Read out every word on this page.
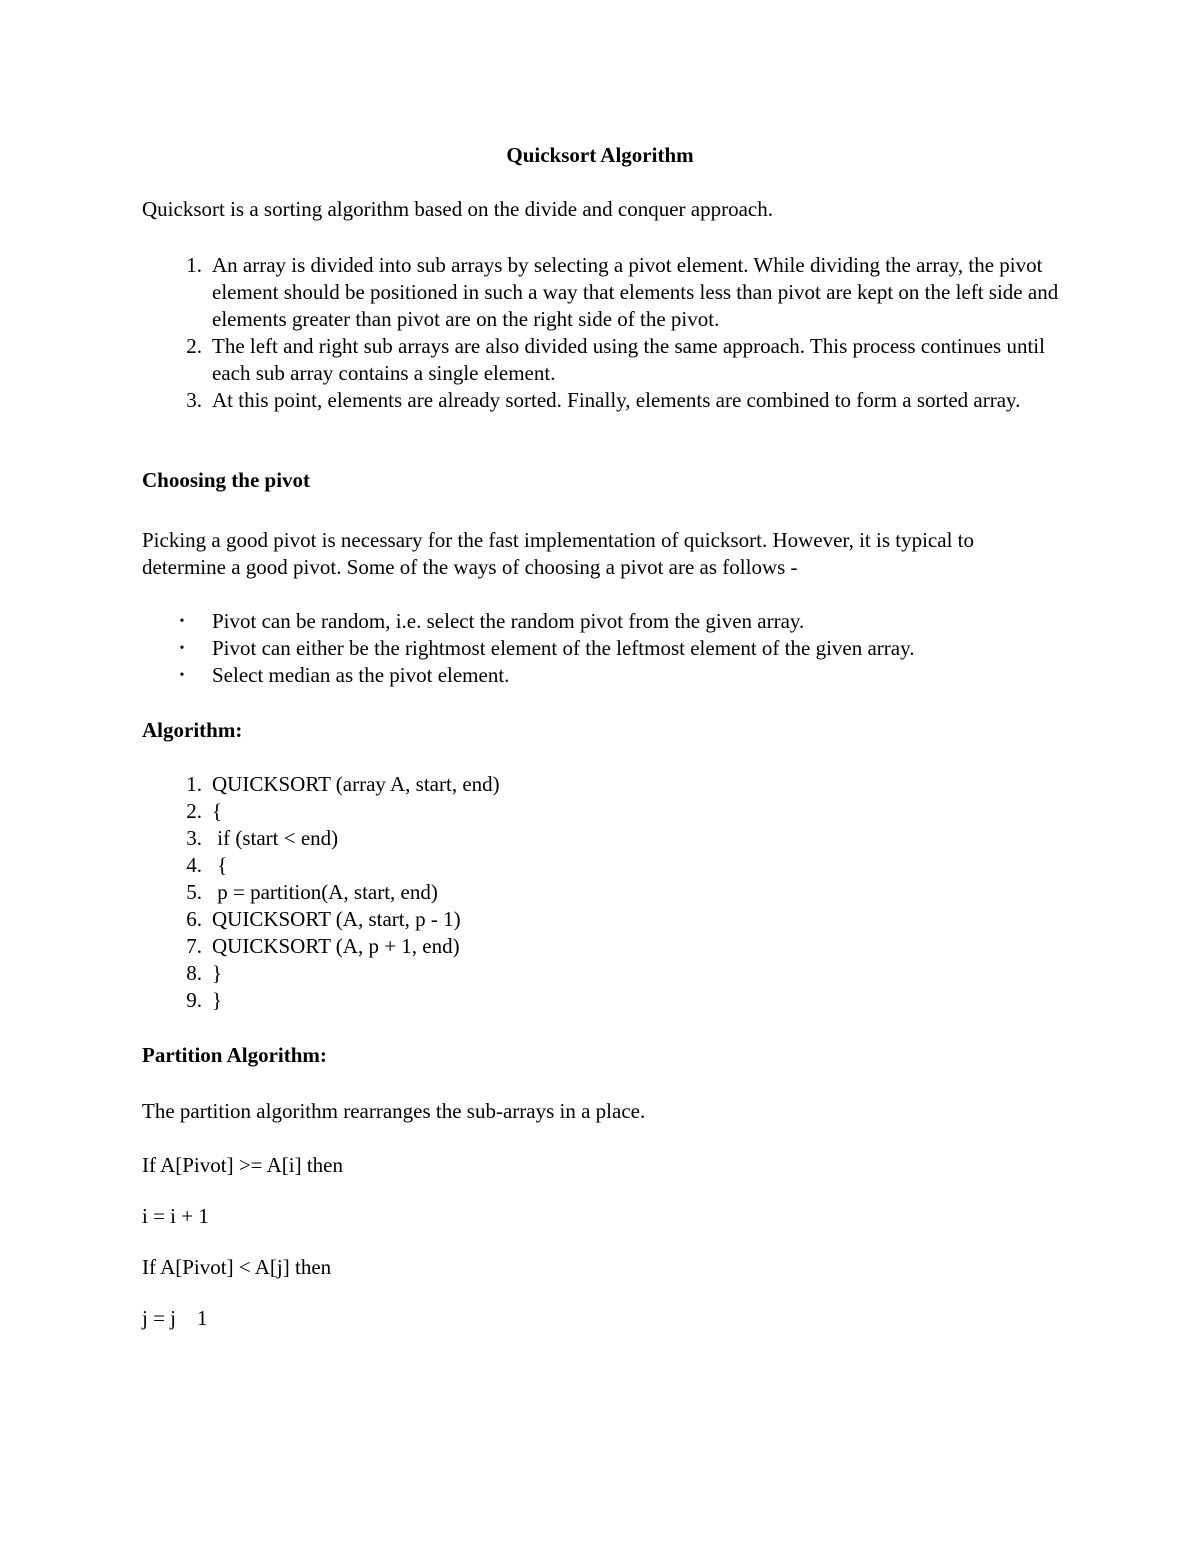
Quicksort Algorithm

Quicksort is a sorting algorithm based on the divide and conquer approach.

1. An array is divided into sub arrays by selecting a pivot element. While dividing the array, the pivot element should be positioned in such a way that elements less than pivot are kept on the left side and elements greater than pivot are on the right side of the pivot.
2. The left and right sub arrays are also divided using the same approach. This process continues until each sub array contains a single element.
3. At this point, elements are already sorted. Finally, elements are combined to form a sorted array.

Choosing the pivot

Picking a good pivot is necessary for the fast implementation of quicksort. However, it is typical to determine a good pivot. Some of the ways of choosing a pivot are as follows -

•	Pivot can be random, i.e. select the random pivot from the given array.
•	Pivot can either be the rightmost element of the leftmost element of the given array.
•	Select median as the pivot element.

Algorithm:

1. QUICKSORT (array A, start, end)
2. {
3. if (start < end)
4. {
5. p = partition(A, start, end)
6. QUICKSORT (A, start, p - 1)
7. QUICKSORT (A, p + 1, end)
8. }
9. }

Partition Algorithm:

The partition algorithm rearranges the sub-arrays in a place.

If A[Pivot] >= A[i] then

i = i + 1

If A[Pivot] < A[j] then

j = j    1
